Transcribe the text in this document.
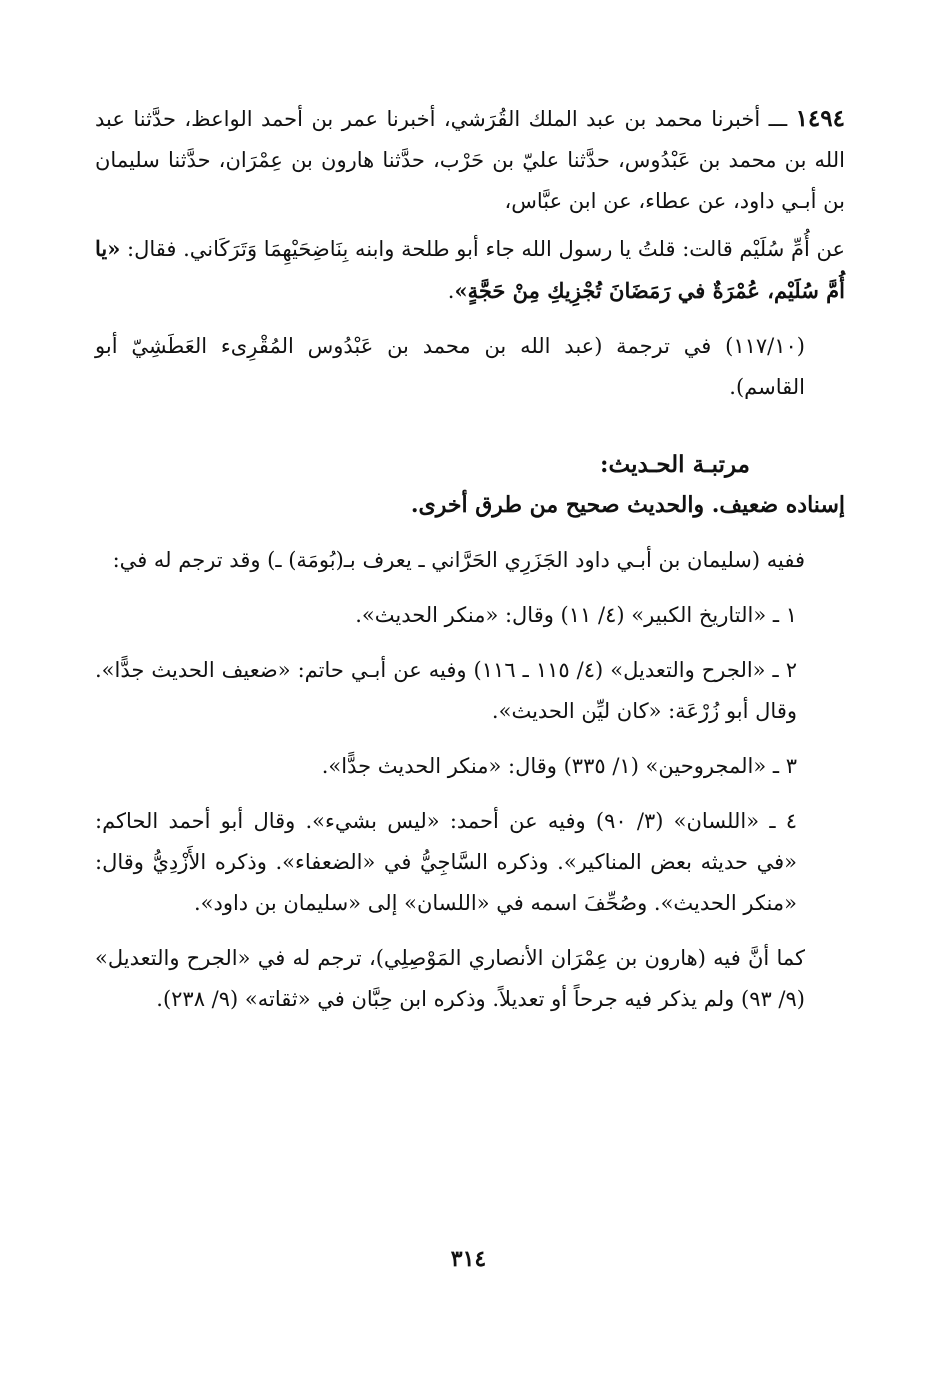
١٤٩٤ ـــ أخبرنا محمد بن عبد الملك القُرَشي، أخبرنا عمر بن أحمد الواعظ، حدَّثنا عبد الله بن محمد بن عَبْدُوس، حدَّثنا عليّ بن حَرْب، حدَّثنا هارون بن عِمْرَان، حدَّثنا سليمان بن أبـي داود، عن عطاء، عن ابن عبَّاس،

عن أُمِّ سُلَيْم قالت: قلتُ يا رسول الله جاء أبو طلحة وابنه بِنَاضِحَيْهِمَا وَتَرَكَاني. فقال: «يا أُمَّ سُلَيْم، عُمْرَةٌ في رَمَضَانَ تُجْزِيكِ مِنْ حَجَّةٍ».

(١١٧/١٠) في ترجمة (عبد الله بن محمد بن عَبْدُوس المُقْرِىء العَطَشِيّ أبو القاسم).

مرتبـة الحـديث:

إسناده ضعيف. والحديث صحيح من طرق أخرى.

ففيه (سليمان بن أبـي داود الجَزَرِي الحَرَّاني ـ يعرف بـ(بُومَة) ـ) وقد ترجم له في:

١ ـ «التاريخ الكبير» (٤/ ١١) وقال: «منكر الحديث».

٢ ـ «الجرح والتعديل» (٤/ ١١٥ ـ ١١٦) وفيه عن أبـي حاتم: «ضعيف الحديث جدًّا». وقال أبو زُرْعَة: «كان ليِّن الحديث».

٣ ـ «المجروحين» (١/ ٣٣٥) وقال: «منكر الحديث جدًّا».

٤ ـ «اللسان» (٣/ ٩٠) وفيه عن أحمد: «ليس بشيء». وقال أبو أحمد الحاكم: «في حديثه بعض المناكير». وذكره السَّاجِيُّ في «الضعفاء». وذكره الأَزْدِيُّ وقال: «منكر الحديث». وصُحِّفَ اسمه في «اللسان» إلى «سليمان بن داود».

كما أنَّ فيه (هارون بن عِمْرَان الأنصاري المَوْصِلِي)، ترجم له في «الجرح والتعديل» (٩/ ٩٣) ولم يذكر فيه جرحاً أو تعديلاً. وذكره ابن حِبَّان في «ثقاته» (٩/ ٢٣٨).

٣١٤
